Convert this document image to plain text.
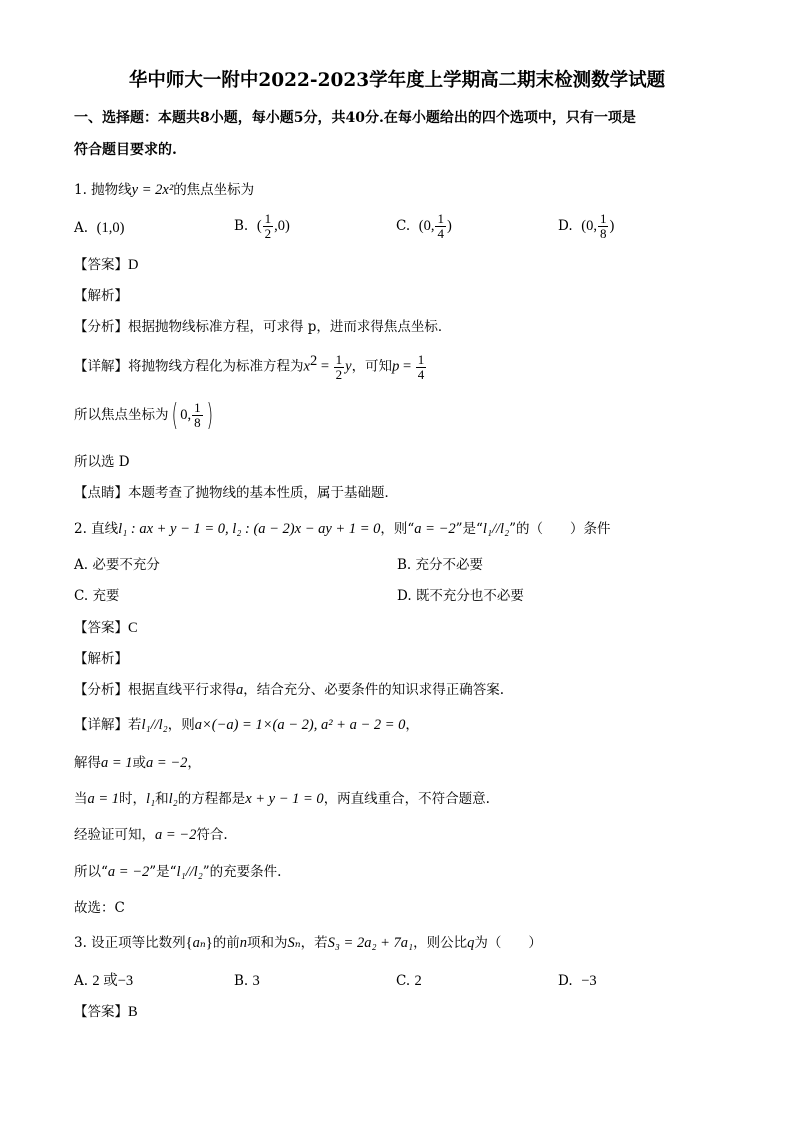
华中师大一附中2022-2023学年度上学期高二期末检测数学试题
一、选择题：本题共8小题，每小题5分，共40分.在每小题给出的四个选项中，只有一项是
符合题目要求的.
1. 抛物线y = 2x²的焦点坐标为
A. (1,0)	B. ( $\frac{1}{2} ,0$)	C. (0, $\frac{1}{4}$ )	D. (0, $\frac{1}{8}$ )
【答案】D
【解析】
【分析】根据抛物线标准方程，可求得 p，进而求得焦点坐标．
【详解】将抛物线方程化为标准方程为$x^2 = \frac{1}{2}$ y，可知$p = \frac{1}{4}$
所以焦点坐标为( 0, $\frac{1}{8}$ )
所以选 D
【点睛】本题考查了抛物线的基本性质，属于基础题．
2. 直线l₁ : ax + y − 1 = 0, l₂ : (a − 2)x − ay + 1 = 0，则“a = −2”是“l₁//l₂”的（　　）条件
A. 必要不充分	B. 充分不必要
C. 充要	D. 既不充分也不必要
【答案】C
【解析】
【分析】根据直线平行求得a，结合充分、必要条件的知识求得正确答案.
【详解】若l₁//l₂，则a×(−a) = 1×(a − 2), a² + a − 2 = 0，
解得a = 1或a = −2，
当a = 1时，l₁和l₂的方程都是x + y − 1 = 0，两直线重合，不符合题意.
经验证可知，a = −2符合.
所以“a = −2”是“l₁//l₂”的充要条件.
故选：C
3. 设正项等比数列{aₙ}的前n项和为Sₙ，若S₃ = 2a₂ + 7a₁，则公比q为（　　）
A. 2 或−3	B. 3	C. 2	D. −3
【答案】B
